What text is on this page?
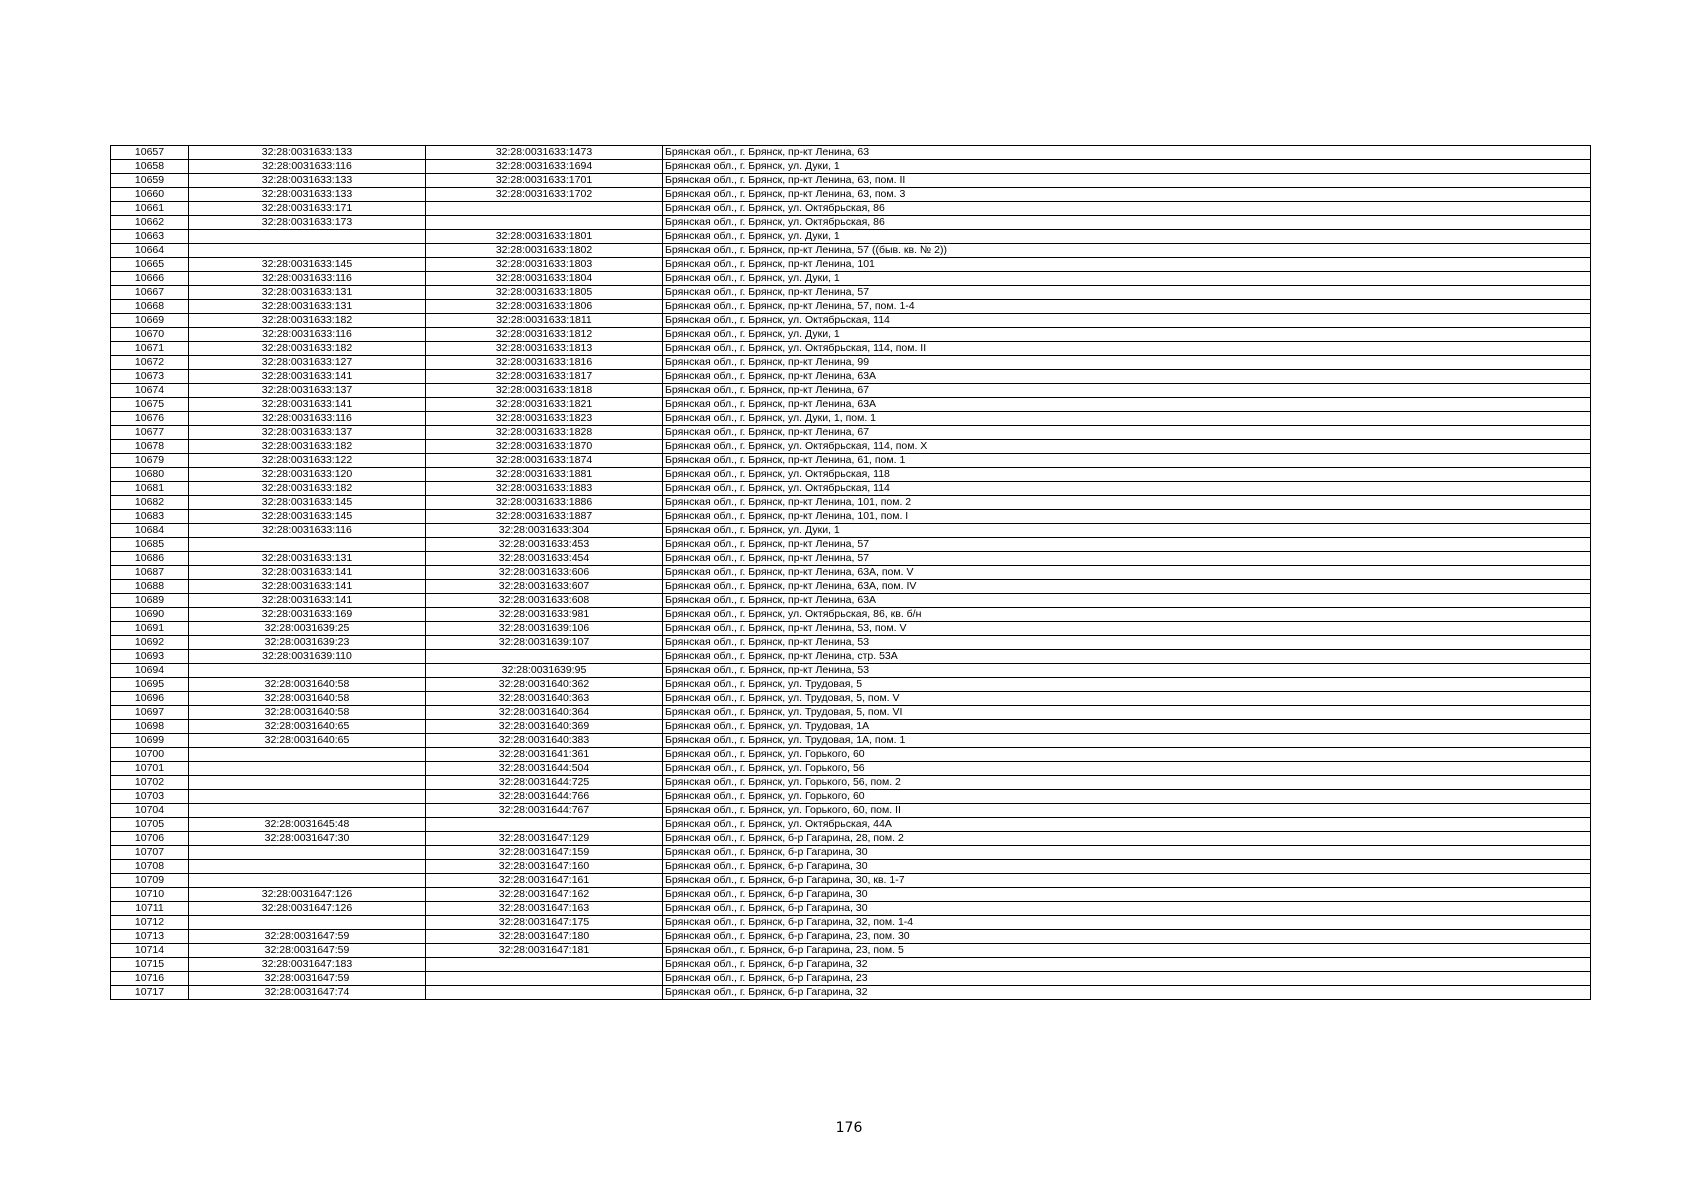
10657	32:28:0031633:133	32:28:0031633:1473	Брянская обл., г. Брянск, пр-кт Ленина, 63
10658	32:28:0031633:116	32:28:0031633:1694	Брянская обл., г. Брянск, ул. Дуки, 1
10659	32:28:0031633:133	32:28:0031633:1701	Брянская обл., г. Брянск, пр-кт Ленина, 63, пом. II
10660	32:28:0031633:133	32:28:0031633:1702	Брянская обл., г. Брянск, пр-кт Ленина, 63, пом. 3
10661	32:28:0031633:171		Брянская обл., г. Брянск, ул. Октябрьская, 86
10662	32:28:0031633:173		Брянская обл., г. Брянск, ул. Октябрьская, 86
10663		32:28:0031633:1801	Брянская обл., г. Брянск, ул. Дуки, 1
10664		32:28:0031633:1802	Брянская обл., г. Брянск, пр-кт Ленина, 57 ((быв. кв. № 2))
10665	32:28:0031633:145	32:28:0031633:1803	Брянская обл., г. Брянск, пр-кт Ленина, 101
10666	32:28:0031633:116	32:28:0031633:1804	Брянская обл., г. Брянск, ул. Дуки, 1
10667	32:28:0031633:131	32:28:0031633:1805	Брянская обл., г. Брянск, пр-кт Ленина, 57
10668	32:28:0031633:131	32:28:0031633:1806	Брянская обл., г. Брянск, пр-кт Ленина, 57, пом. 1-4
10669	32:28:0031633:182	32:28:0031633:1811	Брянская обл., г. Брянск, ул. Октябрьская, 114
10670	32:28:0031633:116	32:28:0031633:1812	Брянская обл., г. Брянск, ул. Дуки, 1
10671	32:28:0031633:182	32:28:0031633:1813	Брянская обл., г. Брянск, ул. Октябрьская, 114, пом. II
10672	32:28:0031633:127	32:28:0031633:1816	Брянская обл., г. Брянск, пр-кт Ленина, 99
10673	32:28:0031633:141	32:28:0031633:1817	Брянская обл., г. Брянск, пр-кт Ленина, 63А
10674	32:28:0031633:137	32:28:0031633:1818	Брянская обл., г. Брянск, пр-кт Ленина, 67
10675	32:28:0031633:141	32:28:0031633:1821	Брянская обл., г. Брянск, пр-кт Ленина, 63А
10676	32:28:0031633:116	32:28:0031633:1823	Брянская обл., г. Брянск, ул. Дуки, 1, пом. 1
10677	32:28:0031633:137	32:28:0031633:1828	Брянская обл., г. Брянск, пр-кт Ленина, 67
10678	32:28:0031633:182	32:28:0031633:1870	Брянская обл., г. Брянск, ул. Октябрьская, 114, пом. X
10679	32:28:0031633:122	32:28:0031633:1874	Брянская обл., г. Брянск, пр-кт Ленина, 61, пом. 1
10680	32:28:0031633:120	32:28:0031633:1881	Брянская обл., г. Брянск, ул. Октябрьская, 118
10681	32:28:0031633:182	32:28:0031633:1883	Брянская обл., г. Брянск, ул. Октябрьская, 114
10682	32:28:0031633:145	32:28:0031633:1886	Брянская обл., г. Брянск, пр-кт Ленина, 101, пом. 2
10683	32:28:0031633:145	32:28:0031633:1887	Брянская обл., г. Брянск, пр-кт Ленина, 101, пом. I
10684	32:28:0031633:116	32:28:0031633:304	Брянская обл., г. Брянск, ул. Дуки, 1
10685		32:28:0031633:453	Брянская обл., г. Брянск, пр-кт Ленина, 57
10686	32:28:0031633:131	32:28:0031633:454	Брянская обл., г. Брянск, пр-кт Ленина, 57
10687	32:28:0031633:141	32:28:0031633:606	Брянская обл., г. Брянск, пр-кт Ленина, 63А, пом. V
10688	32:28:0031633:141	32:28:0031633:607	Брянская обл., г. Брянск, пр-кт Ленина, 63А, пом. IV
10689	32:28:0031633:141	32:28:0031633:608	Брянская обл., г. Брянск, пр-кт Ленина, 63А
10690	32:28:0031633:169	32:28:0031633:981	Брянская обл., г. Брянск, ул. Октябрьская, 86, кв. б/н
10691	32:28:0031639:25	32:28:0031639:106	Брянская обл., г. Брянск, пр-кт Ленина, 53, пом. V
10692	32:28:0031639:23	32:28:0031639:107	Брянская обл., г. Брянск, пр-кт Ленина, 53
10693	32:28:0031639:110		Брянская обл., г. Брянск, пр-кт Ленина, стр. 53А
10694		32:28:0031639:95	Брянская обл., г. Брянск, пр-кт Ленина, 53
10695	32:28:0031640:58	32:28:0031640:362	Брянская обл., г. Брянск, ул. Трудовая, 5
10696	32:28:0031640:58	32:28:0031640:363	Брянская обл., г. Брянск, ул. Трудовая, 5, пом. V
10697	32:28:0031640:58	32:28:0031640:364	Брянская обл., г. Брянск, ул. Трудовая, 5, пом. VI
10698	32:28:0031640:65	32:28:0031640:369	Брянская обл., г. Брянск, ул. Трудовая, 1А
10699	32:28:0031640:65	32:28:0031640:383	Брянская обл., г. Брянск, ул. Трудовая, 1А, пом. 1
10700		32:28:0031641:361	Брянская обл., г. Брянск, ул. Горького, 60
10701		32:28:0031644:504	Брянская обл., г. Брянск, ул. Горького, 56
10702		32:28:0031644:725	Брянская обл., г. Брянск, ул. Горького, 56, пом. 2
10703		32:28:0031644:766	Брянская обл., г. Брянск, ул. Горького, 60
10704		32:28:0031644:767	Брянская обл., г. Брянск, ул. Горького, 60, пом. II
10705	32:28:0031645:48		Брянская обл., г. Брянск, ул. Октябрьская, 44А
10706	32:28:0031647:30	32:28:0031647:129	Брянская обл., г. Брянск, б-р Гагарина, 28, пом. 2
10707		32:28:0031647:159	Брянская обл., г. Брянск, б-р Гагарина, 30
10708		32:28:0031647:160	Брянская обл., г. Брянск, б-р Гагарина, 30
10709		32:28:0031647:161	Брянская обл., г. Брянск, б-р Гагарина, 30, кв. 1-7
10710	32:28:0031647:126	32:28:0031647:162	Брянская обл., г. Брянск, б-р Гагарина, 30
10711	32:28:0031647:126	32:28:0031647:163	Брянская обл., г. Брянск, б-р Гагарина, 30
10712		32:28:0031647:175	Брянская обл., г. Брянск, б-р Гагарина, 32, пом. 1-4
10713	32:28:0031647:59	32:28:0031647:180	Брянская обл., г. Брянск, б-р Гагарина, 23, пом. 30
10714	32:28:0031647:59	32:28:0031647:181	Брянская обл., г. Брянск, б-р Гагарина, 23, пом. 5
10715	32:28:0031647:183		Брянская обл., г. Брянск, б-р Гагарина, 32
10716	32:28:0031647:59		Брянская обл., г. Брянск, б-р Гагарина, 23
10717	32:28:0031647:74		Брянская обл., г. Брянск, б-р Гагарина, 32
176
